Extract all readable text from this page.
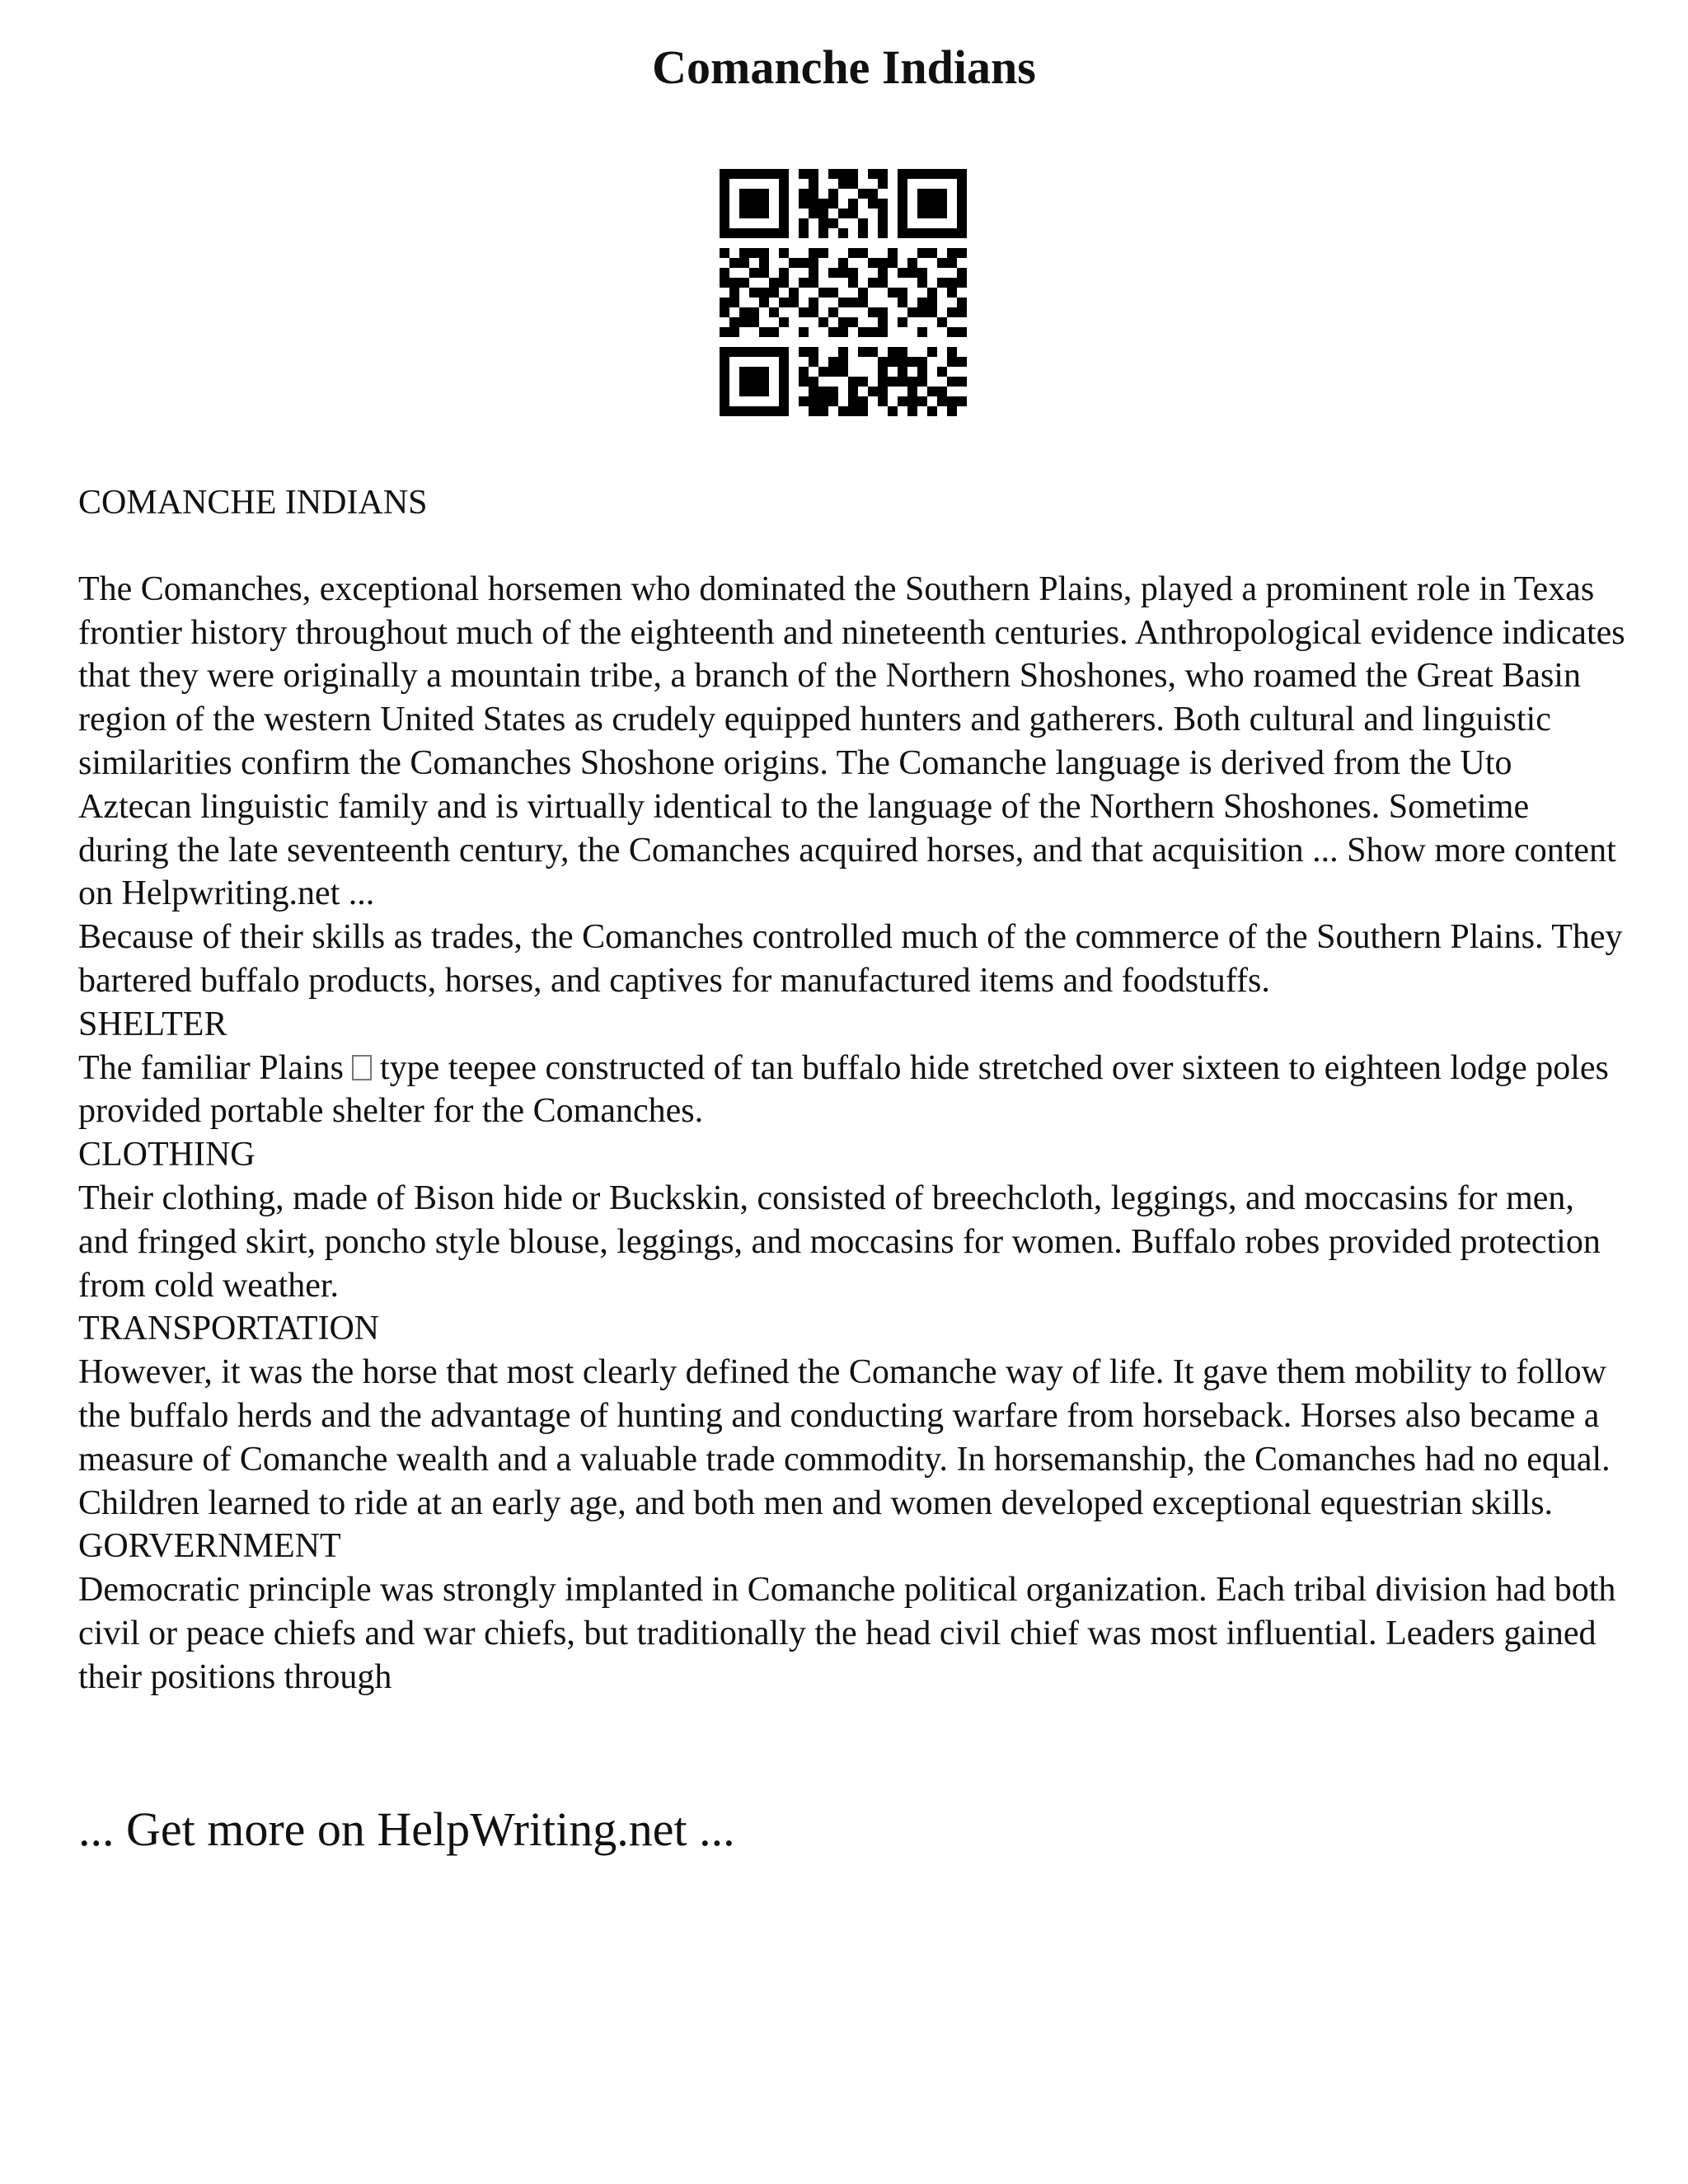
Comanche Indians

COMANCHE INDIANS

The Comanches, exceptional horsemen who dominated the Southern Plains, played a prominent role in Texas frontier history throughout much of the eighteenth and nineteenth centuries. Anthropological evidence indicates that they were originally a mountain tribe, a branch of the Northern Shoshones, who roamed the Great Basin region of the western United States as crudely equipped hunters and gatherers. Both cultural and linguistic similarities confirm the Comanches Shoshone origins. The Comanche language is derived from the Uto Aztecan linguistic family and is virtually identical to the language of the Northern Shoshones. Sometime during the late seventeenth century, the Comanches acquired horses, and that acquisition ... Show more content on Helpwriting.net ...

Because of their skills as trades, the Comanches controlled much of the commerce of the Southern Plains. They bartered buffalo products, horses, and captives for manufactured items and foodstuffs.

SHELTER

The familiar Plains type teepee constructed of tan buffalo hide stretched over sixteen to eighteen lodge poles provided portable shelter for the Comanches.

CLOTHING

Their clothing, made of Bison hide or Buckskin, consisted of breechcloth, leggings, and moccasins for men, and fringed skirt, poncho style blouse, leggings, and moccasins for women. Buffalo robes provided protection from cold weather.

TRANSPORTATION

However, it was the horse that most clearly defined the Comanche way of life. It gave them mobility to follow the buffalo herds and the advantage of hunting and conducting warfare from horseback. Horses also became a measure of Comanche wealth and a valuable trade commodity. In horsemanship, the Comanches had no equal. Children learned to ride at an early age, and both men and women developed exceptional equestrian skills.

GORVERNMENT

Democratic principle was strongly implanted in Comanche political organization. Each tribal division had both civil or peace chiefs and war chiefs, but traditionally the head civil chief was most influential. Leaders gained their positions through

... Get more on HelpWriting.net ...
